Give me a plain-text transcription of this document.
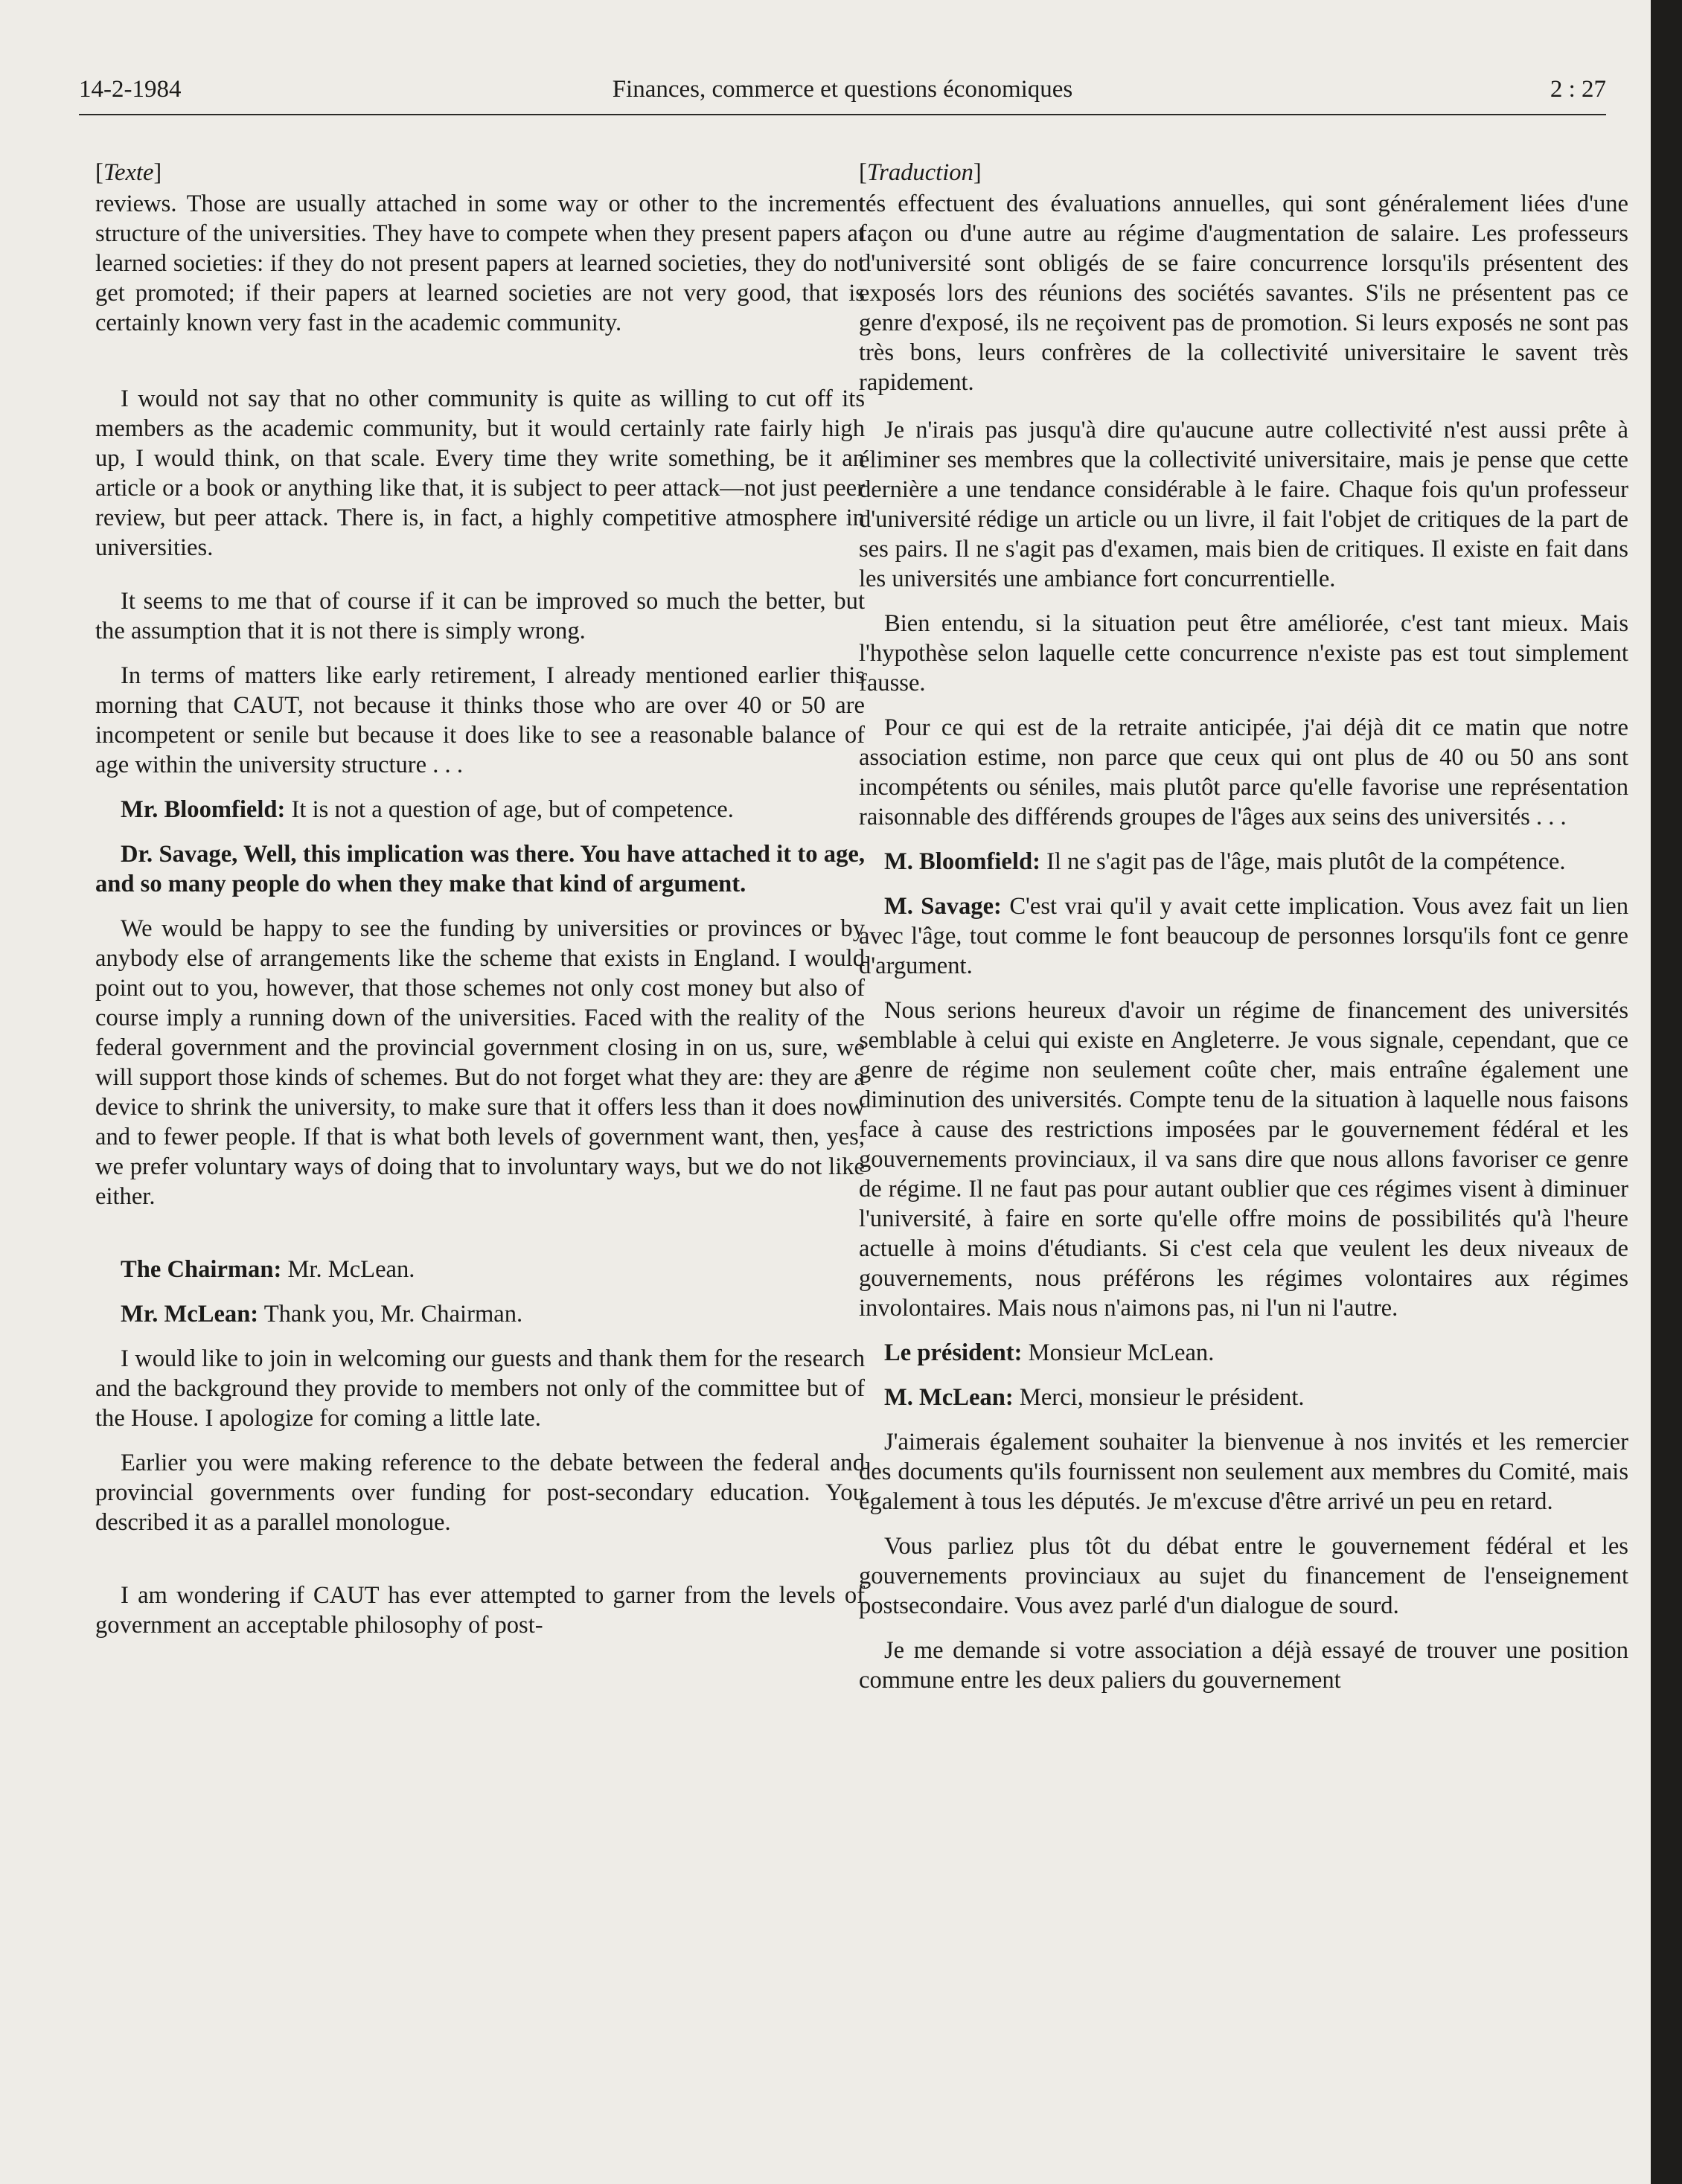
14-2-1984	Finances, commerce et questions économiques	2 : 27
[Texte]

reviews. Those are usually attached in some way or other to the increment structure of the universities. They have to compete when they present papers at learned societies: if they do not present papers at learned societies, they do not get promoted; if their papers at learned societies are not very good, that is certainly known very fast in the academic community.

I would not say that no other community is quite as willing to cut off its members as the academic community, but it would certainly rate fairly high up, I would think, on that scale. Every time they write something, be it an article or a book or anything like that, it is subject to peer attack—not just peer review, but peer attack. There is, in fact, a highly competitive atmosphere in universities.

It seems to me that of course if it can be improved so much the better, but the assumption that it is not there is simply wrong.

In terms of matters like early retirement, I already mentioned earlier this morning that CAUT, not because it thinks those who are over 40 or 50 are incompetent or senile but because it does like to see a reasonable balance of age within the university structure . . .

Mr. Bloomfield: It is not a question of age, but of competence.

Dr. Savage, Well, this implication was there. You have attached it to age, and so many people do when they make that kind of argument.

We would be happy to see the funding by universities or provinces or by anybody else of arrangements like the scheme that exists in England. I would point out to you, however, that those schemes not only cost money but also of course imply a running down of the universities. Faced with the reality of the federal government and the provincial government closing in on us, sure, we will support those kinds of schemes. But do not forget what they are: they are a device to shrink the university, to make sure that it offers less than it does now and to fewer people. If that is what both levels of government want, then, yes, we prefer voluntary ways of doing that to involuntary ways, but we do not like either.

The Chairman: Mr. McLean.

Mr. McLean: Thank you, Mr. Chairman.

I would like to join in welcoming our guests and thank them for the research and the background they provide to members not only of the committee but of the House. I apologize for coming a little late.

Earlier you were making reference to the debate between the federal and provincial governments over funding for post-secondary education. You described it as a parallel monologue.

I am wondering if CAUT has ever attempted to garner from the levels of government an acceptable philosophy of post-

[Traduction]

tés effectuent des évaluations annuelles, qui sont généralement liées d'une façon ou d'une autre au régime d'augmentation de salaire. Les professeurs d'université sont obligés de se faire concurrence lorsqu'ils présentent des exposés lors des réunions des sociétés savantes. S'ils ne présentent pas ce genre d'exposé, ils ne reçoivent pas de promotion. Si leurs exposés ne sont pas très bons, leurs confrères de la collectivité universitaire le savent très rapidement.

Je n'irais pas jusqu'à dire qu'aucune autre collectivité n'est aussi prête à éliminer ses membres que la collectivité universitaire, mais je pense que cette dernière a une tendance considérable à le faire. Chaque fois qu'un professeur d'université rédige un article ou un livre, il fait l'objet de critiques de la part de ses pairs. Il ne s'agit pas d'examen, mais bien de critiques. Il existe en fait dans les universités une ambiance fort concurrentielle.

Bien entendu, si la situation peut être améliorée, c'est tant mieux. Mais l'hypothèse selon laquelle cette concurrence n'existe pas est tout simplement fausse.

Pour ce qui est de la retraite anticipée, j'ai déjà dit ce matin que notre association estime, non parce que ceux qui ont plus de 40 ou 50 ans sont incompétents ou séniles, mais plutôt parce qu'elle favorise une représentation raisonnable des différends groupes de l'âges aux seins des universités . . .

M. Bloomfield: Il ne s'agit pas de l'âge, mais plutôt de la compétence.

M. Savage: C'est vrai qu'il y avait cette implication. Vous avez fait un lien avec l'âge, tout comme le font beaucoup de personnes lorsqu'ils font ce genre d'argument.

Nous serions heureux d'avoir un régime de financement des universités semblable à celui qui existe en Angleterre. Je vous signale, cependant, que ce genre de régime non seulement coûte cher, mais entraîne également une diminution des universités. Compte tenu de la situation à laquelle nous faisons face à cause des restrictions imposées par le gouvernement fédéral et les gouvernements provinciaux, il va sans dire que nous allons favoriser ce genre de régime. Il ne faut pas pour autant oublier que ces régimes visent à diminuer l'université, à faire en sorte qu'elle offre moins de possibilités qu'à l'heure actuelle à moins d'étudiants. Si c'est cela que veulent les deux niveaux de gouvernements, nous préférons les régimes volontaires aux régimes involontaires. Mais nous n'aimons pas, ni l'un ni l'autre.

Le président: Monsieur McLean.

M. McLean: Merci, monsieur le président.

J'aimerais également souhaiter la bienvenue à nos invités et les remercier des documents qu'ils fournissent non seulement aux membres du Comité, mais également à tous les députés. Je m'excuse d'être arrivé un peu en retard.

Vous parliez plus tôt du débat entre le gouvernement fédéral et les gouvernements provinciaux au sujet du financement de l'enseignement postsecondaire. Vous avez parlé d'un dialogue de sourd.

Je me demande si votre association a déjà essayé de trouver une position commune entre les deux paliers du gouvernement
